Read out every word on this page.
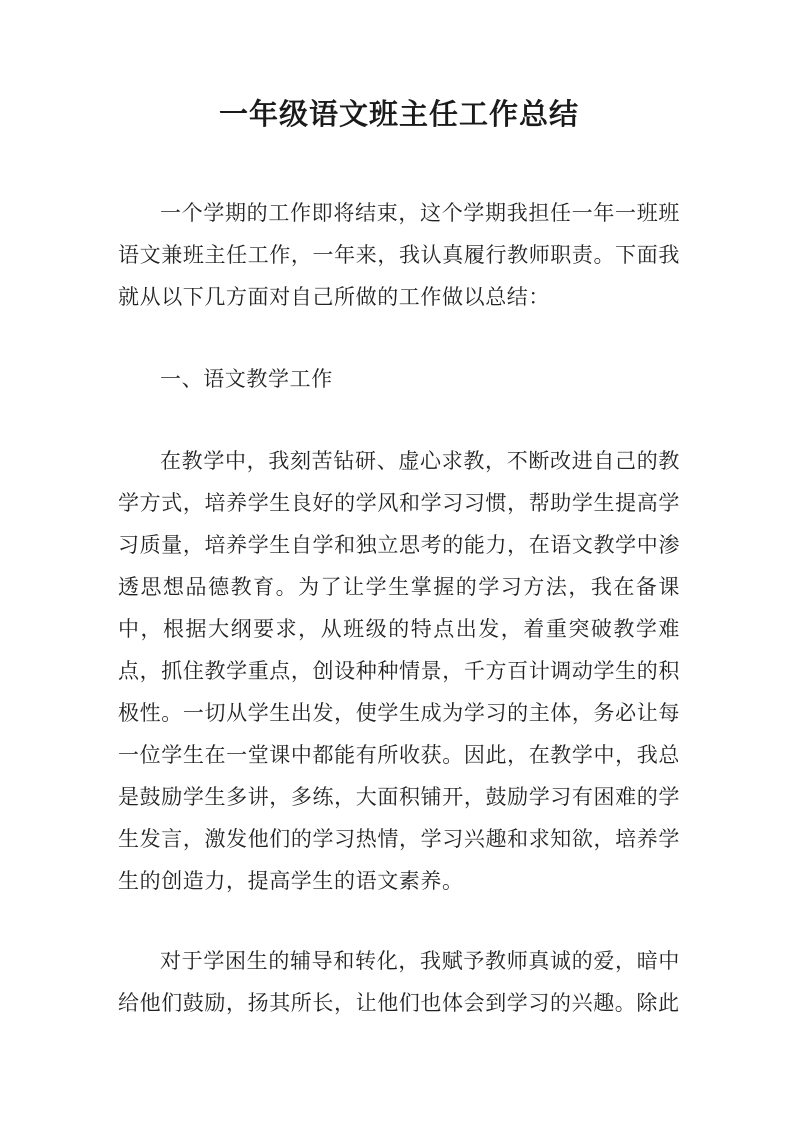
一年级语文班主任工作总结

一个学期的工作即将结束，这个学期我担任一年一班班语文兼班主任工作，一年来，我认真履行教师职责。下面我就从以下几方面对自己所做的工作做以总结：

一、语文教学工作

在教学中，我刻苦钻研、虚心求教，不断改进自己的教学方式，培养学生良好的学风和学习习惯，帮助学生提高学习质量，培养学生自学和独立思考的能力，在语文教学中渗透思想品德教育。为了让学生掌握的学习方法，我在备课中，根据大纲要求，从班级的特点出发，着重突破教学难点，抓住教学重点，创设种种情景，千方百计调动学生的积极性。一切从学生出发，使学生成为学习的主体，务必让每一位学生在一堂课中都能有所收获。因此，在教学中，我总是鼓励学生多讲，多练，大面积铺开，鼓励学习有困难的学生发言，激发他们的学习热情，学习兴趣和求知欲，培养学生的创造力，提高学生的语文素养。

对于学困生的辅导和转化，我赋予教师真诚的爱，暗中给他们鼓励，扬其所长，让他们也体会到学习的兴趣。除此
